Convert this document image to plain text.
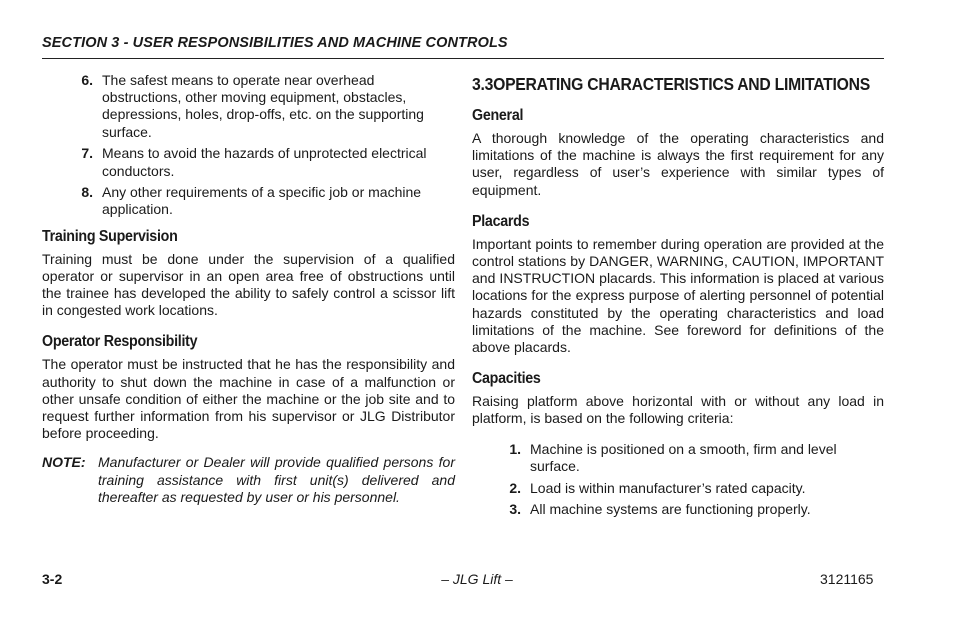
SECTION 3 - USER RESPONSIBILITIES AND MACHINE CONTROLS
6. The safest means to operate near overhead obstructions, other moving equipment, obstacles, depressions, holes, drop-offs, etc. on the supporting surface.
7. Means to avoid the hazards of unprotected electrical conductors.
8. Any other requirements of a specific job or machine application.
Training Supervision

Training must be done under the supervision of a qualified operator or supervisor in an open area free of obstructions until the trainee has developed the ability to safely control a scissor lift in congested work locations.

Operator Responsibility

The operator must be instructed that he has the responsibility and authority to shut down the machine in case of a malfunction or other unsafe condition of either the machine or the job site and to request further information from his supervisor or JLG Distributor before proceeding.

NOTE: Manufacturer or Dealer will provide qualified persons for training assistance with first unit(s) delivered and thereafter as requested by user or his personnel.
3.3 OPERATING CHARACTERISTICS AND LIMITATIONS
General

A thorough knowledge of the operating characteristics and limitations of the machine is always the first requirement for any user, regardless of user’s experience with similar types of equipment.

Placards

Important points to remember during operation are provided at the control stations by DANGER, WARNING, CAUTION, IMPORTANT and INSTRUCTION placards. This information is placed at various locations for the express purpose of alerting personnel of potential hazards constituted by the operating characteristics and load limitations of the machine. See foreword for definitions of the above placards.

Capacities

Raising platform above horizontal with or without any load in platform, is based on the following criteria:

1. Machine is positioned on a smooth, firm and level surface.
2. Load is within manufacturer’s rated capacity.
3. All machine systems are functioning properly.
3-2	– JLG Lift –	3121165
